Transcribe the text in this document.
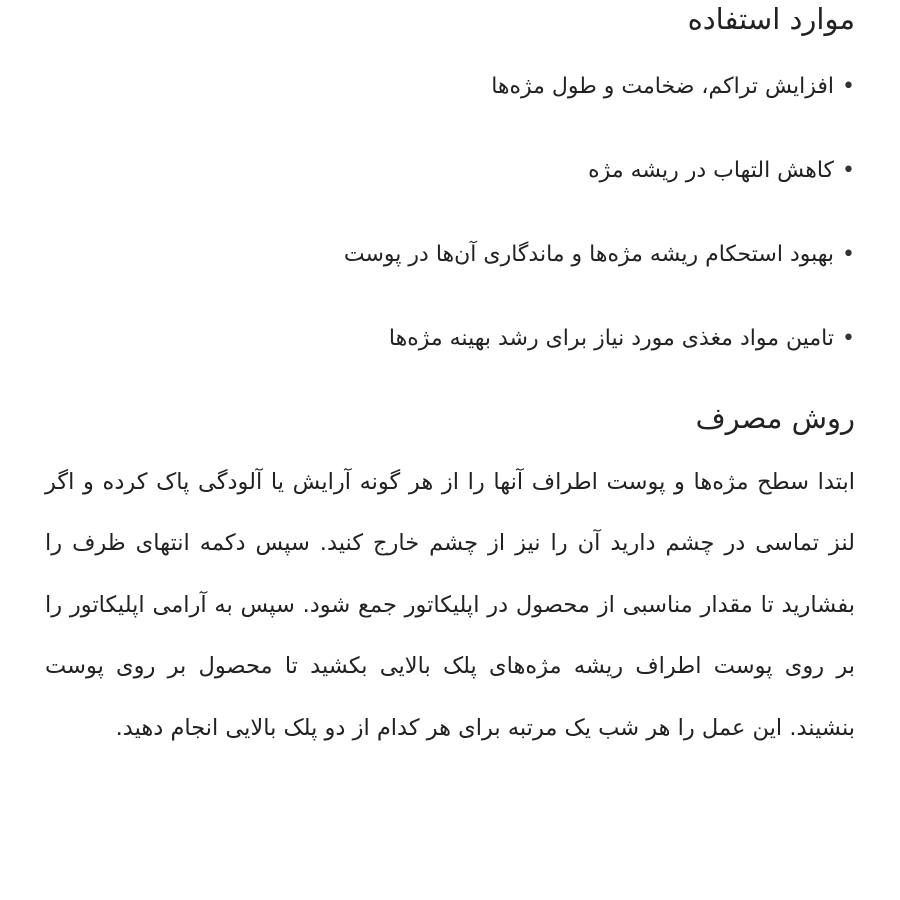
موارد استفاده
•افزایش تراکم، ضخامت و طول مژه‌ها
•کاهش التهاب در ریشه مژه
•بهبود استحکام ریشه مژه‌ها و ماندگاری آن‌ها در پوست
•تامین مواد مغذی مورد نیاز برای رشد بهینه مژه‌ها
روش مصرف

ابتدا سطح مژه‌ها و پوست اطراف آنها را از هر گونه آرایش یا آلودگی پاک کرده و اگر لنز تماسی در چشم دارید آن را نیز از چشم خارج کنید. سپس دکمه انتهای ظرف را بفشارید تا مقدار مناسبی از محصول در اپلیکاتور جمع شود. سپس به آرامی اپلیکاتور را بر روی پوست اطراف ریشه مژه‌های پلک بالایی بکشید تا محصول بر روی پوست بنشیند. این عمل را هر شب یک مرتبه برای هر کدام از دو پلک بالایی انجام دهید.
